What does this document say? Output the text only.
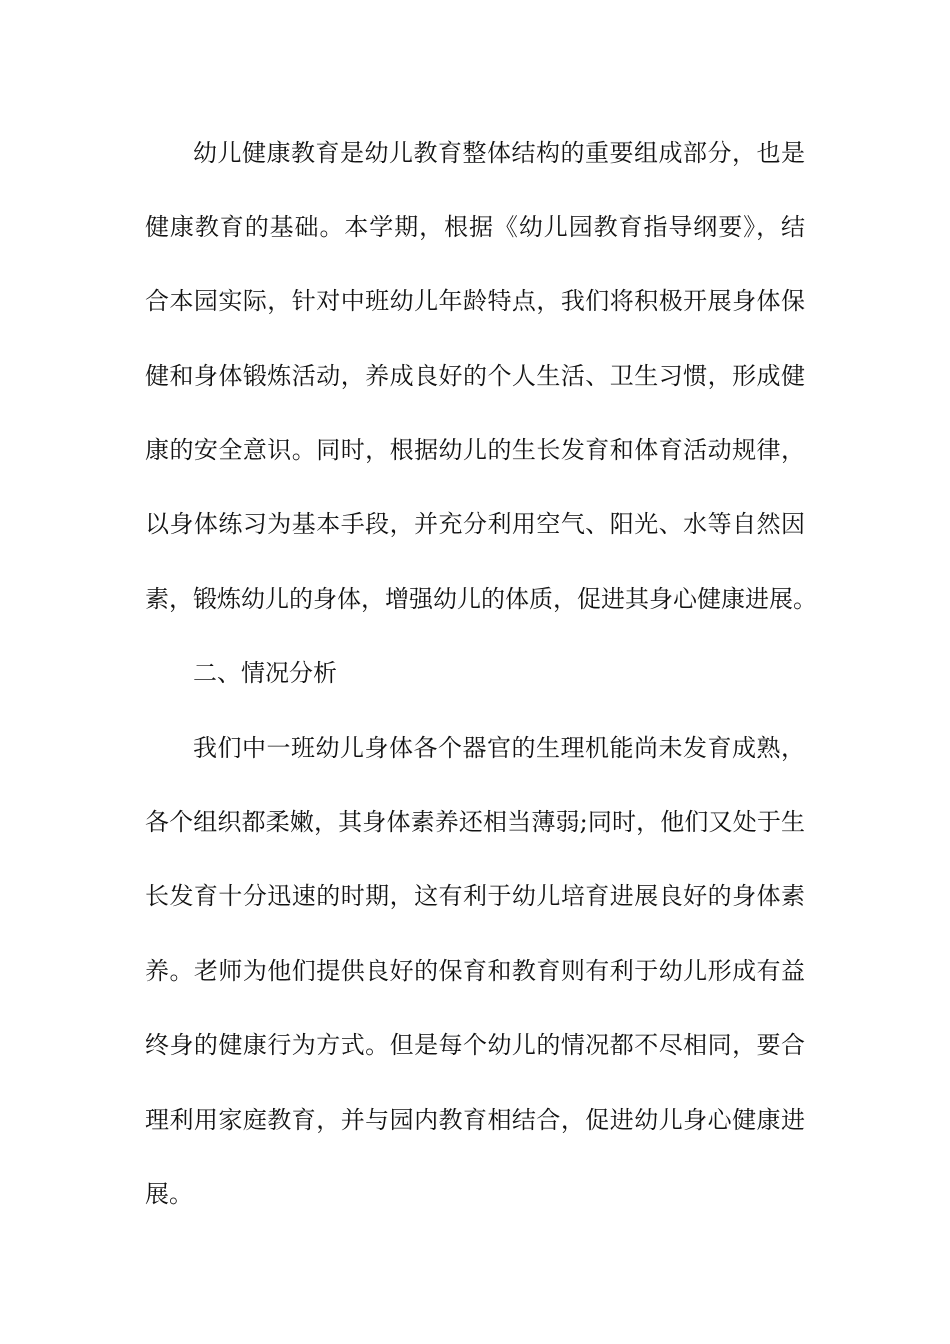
幼儿健康教育是幼儿教育整体结构的重要组成部分，也是
健康教育的基础。本学期，根据《幼儿园教育指导纲要》，结
合本园实际，针对中班幼儿年龄特点，我们将积极开展身体保
健和身体锻炼活动，养成良好的个人生活、卫生习惯，形成健
康的安全意识。同时，根据幼儿的生长发育和体育活动规律，
以身体练习为基本手段，并充分利用空气、阳光、水等自然因
素，锻炼幼儿的身体，增强幼儿的体质，促进其身心健康进展。
二、情况分析
我们中一班幼儿身体各个器官的生理机能尚未发育成熟，
各个组织都柔嫩，其身体素养还相当薄弱;同时，他们又处于生
长发育十分迅速的时期，这有利于幼儿培育进展良好的身体素
养。老师为他们提供良好的保育和教育则有利于幼儿形成有益
终身的健康行为方式。但是每个幼儿的情况都不尽相同，要合
理利用家庭教育，并与园内教育相结合，促进幼儿身心健康进
展。
